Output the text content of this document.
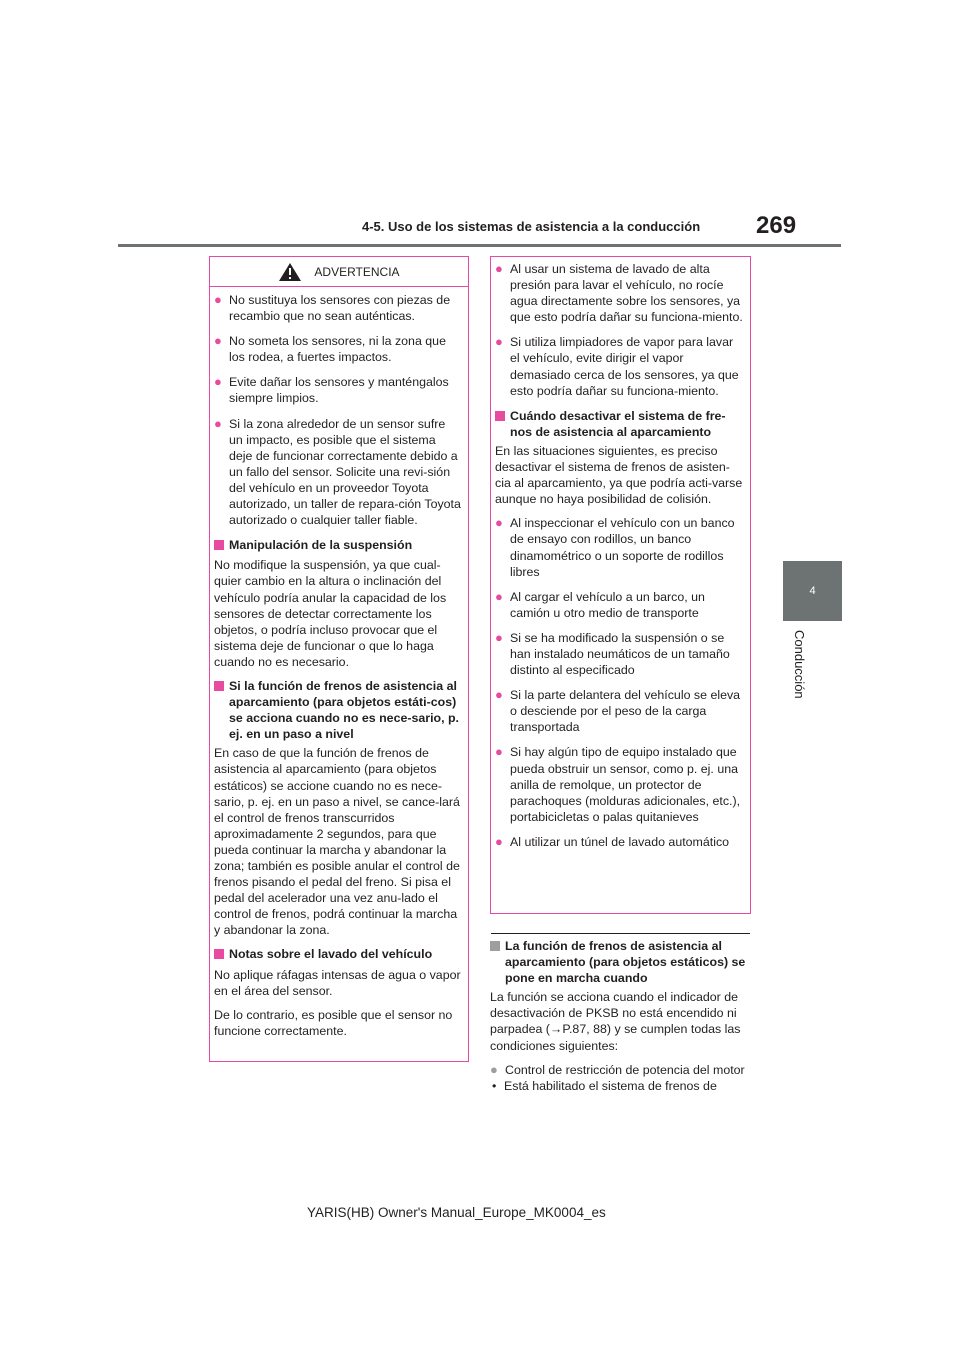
4-5. Uso de los sistemas de asistencia a la conducción 269
4
Conducción
ADVERTENCIA
● No sustituya los sensores con piezas de recambio que no sean auténticas.
● No someta los sensores, ni la zona que los rodea, a fuertes impactos.
● Evite dañar los sensores y manténgalos siempre limpios.
● Si la zona alrededor de un sensor sufre un impacto, es posible que el sistema deje de funcionar correctamente debido a un fallo del sensor. Solicite una revi-sión del vehículo en un proveedor Toyota autorizado, un taller de repara-ción Toyota autorizado o cualquier taller fiable.
Manipulación de la suspensión
No modifique la suspensión, ya que cual-quier cambio en la altura o inclinación del vehículo podría anular la capacidad de los sensores de detectar correctamente los objetos, o podría incluso provocar que el sistema deje de funcionar o que lo haga cuando no es necesario.
Si la función de frenos de asistencia al aparcamiento (para objetos estáti-cos) se acciona cuando no es nece-sario, p. ej. en un paso a nivel
En caso de que la función de frenos de asistencia al aparcamiento (para objetos estáticos) se accione cuando no es nece-sario, p. ej. en un paso a nivel, se cance-lará el control de frenos transcurridos aproximadamente 2 segundos, para que pueda continuar la marcha y abandonar la zona; también es posible anular el control de frenos pisando el pedal del freno. Si pisa el pedal del acelerador una vez anu-lado el control de frenos, podrá continuar la marcha y abandonar la zona.
Notas sobre el lavado del vehículo
No aplique ráfagas intensas de agua o vapor en el área del sensor.
De lo contrario, es posible que el sensor no funcione correctamente.
● Al usar un sistema de lavado de alta presión para lavar el vehículo, no rocíe agua directamente sobre los sensores, ya que esto podría dañar su funciona-miento.
● Si utiliza limpiadores de vapor para lavar el vehículo, evite dirigir el vapor demasiado cerca de los sensores, ya que esto podría dañar su funciona-miento.
Cuándo desactivar el sistema de fre-nos de asistencia al aparcamiento
En las situaciones siguientes, es preciso desactivar el sistema de frenos de asisten-cia al aparcamiento, ya que podría acti-varse aunque no haya posibilidad de colisión.
● Al inspeccionar el vehículo con un banco de ensayo con rodillos, un banco dinamométrico o un soporte de rodillos libres
● Al cargar el vehículo a un barco, un camión u otro medio de transporte
● Si se ha modificado la suspensión o se han instalado neumáticos de un tamaño distinto al especificado
● Si la parte delantera del vehículo se eleva o desciende por el peso de la carga transportada
● Si hay algún tipo de equipo instalado que pueda obstruir un sensor, como p. ej. una anilla de remolque, un protector de parachoques (molduras adicionales, etc.), portabicicletas o palas quitanieves
● Al utilizar un túnel de lavado automático
La función de frenos de asistencia al aparcamiento (para objetos estáticos) se pone en marcha cuando
La función se acciona cuando el indicador de desactivación de PKSB no está encendido ni parpadea (→P.87, 88) y se cumplen todas las condiciones siguientes:
● Control de restricción de potencia del motor
• Está habilitado el sistema de frenos de
YARIS(HB) Owner's Manual_Europe_MK0004_es
